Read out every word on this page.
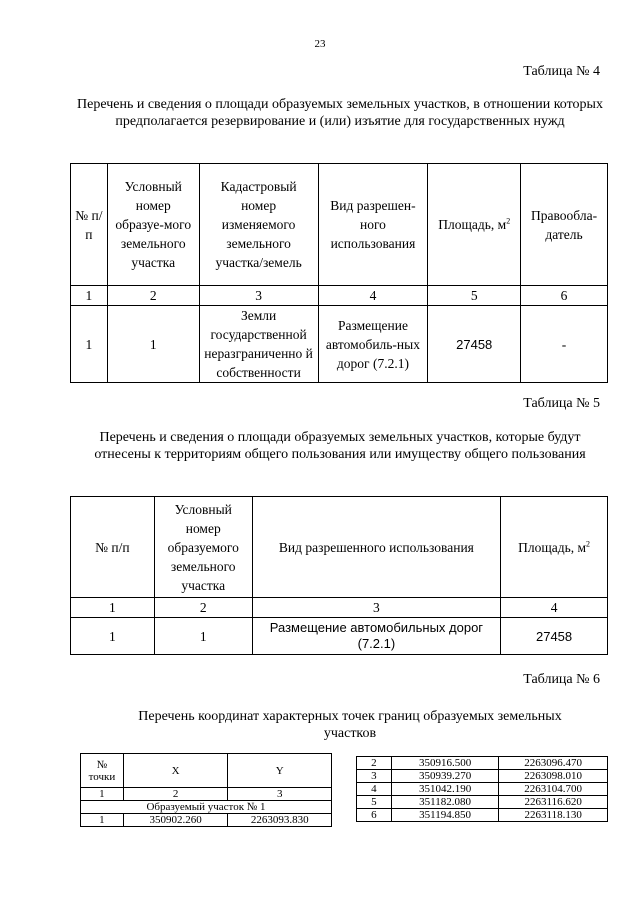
23
Таблица № 4
Перечень и сведения о площади образуемых земельных участков, в отношении которых предполагается резервирование и (или) изъятие для государственных нужд
№ п/п	Условный номер образуе-мого земельного участка	Кадастровый номер изменяемого земельного участка/земель	Вид разрешен-ного использования	Площадь, $м^2$	Правообла-датель
1	2	3	4	5	6
1	1	Земли государственной неразграниченно й собственности	Размещение автомобиль-ных дорог (7.2.1)	27458	-
Таблица № 5
Перечень и сведения о площади образуемых земельных участков, которые будут отнесены к территориям общего пользования или имуществу общего пользования
№ п/п	Условный номер образуемого земельного участка	Вид разрешенного использования	Площадь, $м^2$
1	2	3	4
1	1	Размещение автомобильных дорог (7.2.1)	27458
Таблица № 6
Перечень координат характерных точек границ образуемых земельных участков
№ точки	X	Y
1	2	3
Образуемый участок № 1		
1	350902.260	2263093.830
2	350916.500	2263096.470
3	350939.270	2263098.010
4	351042.190	2263104.700
5	351182.080	2263116.620
6	351194.850	2263118.130
